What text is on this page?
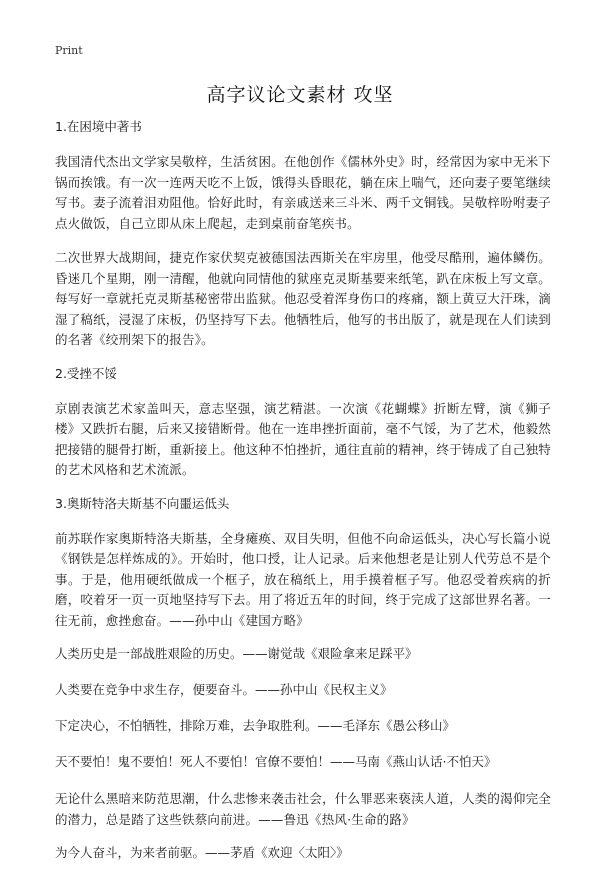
Print
高字议论文素材 攻坚
1.在困境中著书

我国清代杰出文学家吴敬梓，生活贫困。在他创作《儒林外史》时，经常因为家中无米下锅而挨饿。有一次一连两天吃不上饭，饿得头昏眼花，躺在床上喘气，还向妻子要笔继续写书。妻子流着泪劝阻他。恰好此时，有亲戚送来三斗米、两千文铜钱。吴敬梓吩咐妻子点火做饭，自己立即从床上爬起，走到桌前奋笔疾书。

二次世界大战期间，捷克作家伏契克被德国法西斯关在牢房里，他受尽酷刑，遍体鳞伤。昏迷几个星期，刚一清醒，他就向同情他的狱座克灵斯基要来纸笔，趴在床板上写文章。每写好一章就托克灵斯基秘密带出监狱。他忍受着浑身伤口的疼痛，额上黄豆大汗珠，滴湿了稿纸，浸湿了床板，仍坚持写下去。他牺牲后，他写的书出版了，就是现在人们读到的名著《绞刑架下的报告》。

2.受挫不馁

京剧表演艺术家盖叫天，意志坚强，演艺精湛。一次演《花蝴蝶》折断左臂，演《狮子楼》又跌折右腿，后来又接错断骨。他在一连串挫折面前，毫不气馁，为了艺术，他毅然把接错的腿骨打断，重新接上。他这种不怕挫折，通往直前的精神，终于铸成了自己独特的艺术风格和艺术流派。

3.奥斯特洛夫斯基不向噩运低头

前苏联作家奥斯特洛夫斯基，全身瘫痪、双目失明，但他不向命运低头，决心写长篇小说《钢铁是怎样炼成的》。开始时，他口授，让人记录。后来他想老是让别人代劳总不是个事。于是，他用硬纸做成一个框子，放在稿纸上，用手摸着框子写。他忍受着疾病的折磨，咬着牙一页一页地坚持写下去。用了将近五年的时间，终于完成了这部世界名著。一往无前，愈挫愈奋。——孙中山《建国方略》

人类历史是一部战胜艰险的历史。——谢觉哉《艰险拿来足踩平》

人类要在竞争中求生存，便要奋斗。——孙中山《民权主义》

下定决心，不怕牺牲，排除万难，去争取胜利。——毛泽东《愚公移山》

天不要怕！鬼不要怕！死人不要怕！官僚不要怕！——马南《燕山认话·不怕天》

无论什么黑暗来防范思潮，什么悲惨来袭击社会，什么罪恶来亵渎人道，人类的渴仰完全的潜力，总是踏了这些铁蔡向前进。——鲁迅《热风·生命的路》

为今人奋斗，为来者前驱。——茅盾《欢迎〈太阳〉》
